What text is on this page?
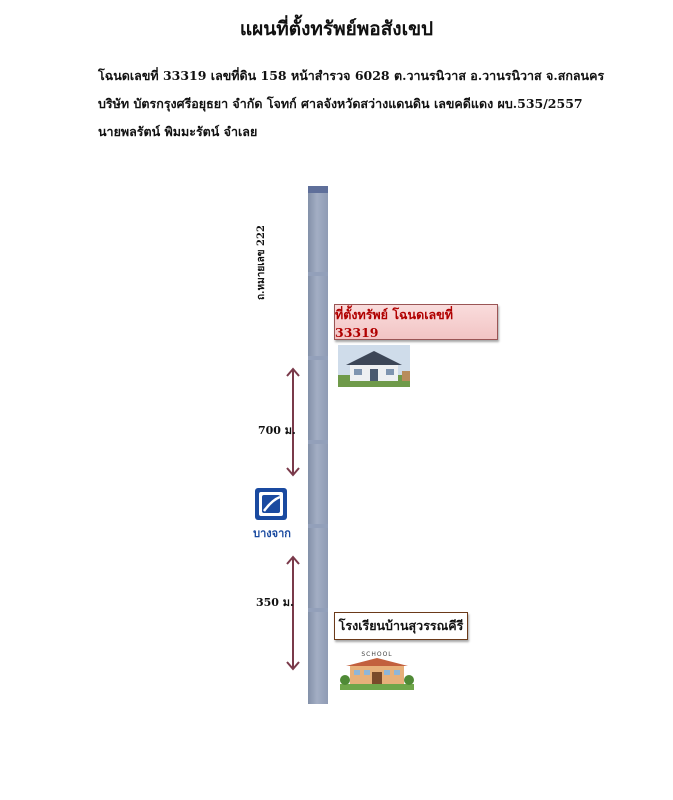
แผนที่ตั้งทรัพย์พอสังเขป
โฉนดเลขที่ 33319 เลขที่ดิน 158 หน้าสำรวจ 6028 ต.วานรนิวาส อ.วานรนิวาส จ.สกลนคร
บริษัท บัตรกรุงศรีอยุธยา จำกัด โจทก์ ศาลจังหวัดสว่างแดนดิน เลขคดีแดง ผบ.535/2557
นายพลรัตน์ พิมมะรัตน์ จำเลย
ถ.หมายเลข 222
ที่ตั้งทรัพย์ โฉนดเลขที่ 33319
700 ม.
บางจาก
350 ม.
โรงเรียนบ้านสุวรรณคีรี
SCHOOL
